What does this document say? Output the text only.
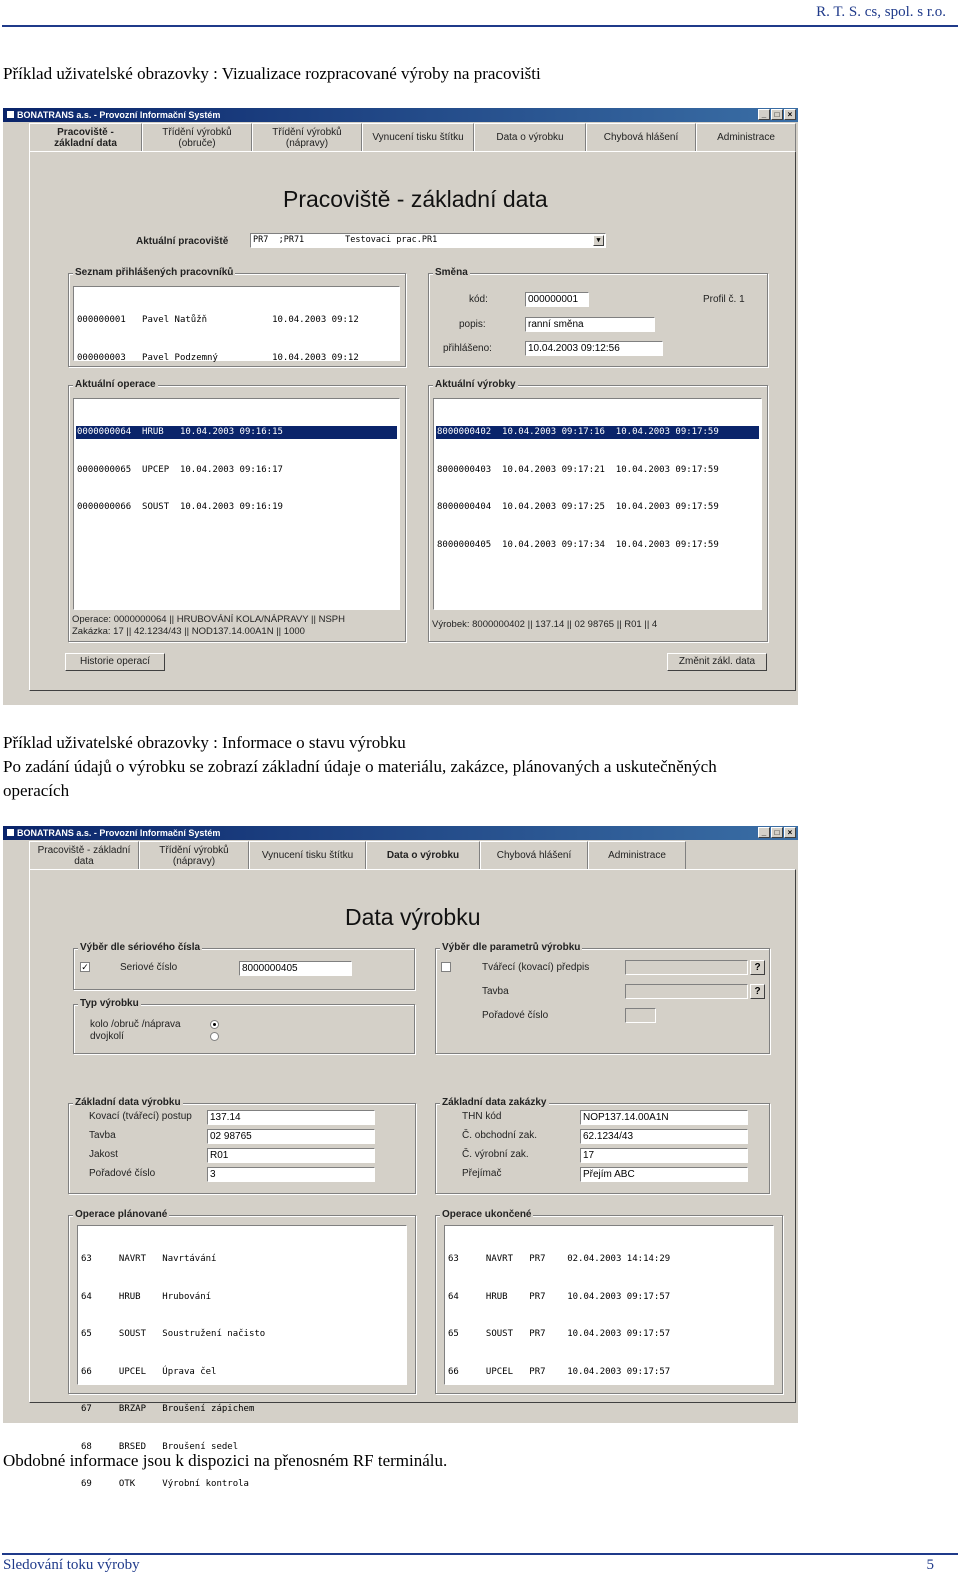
R. T. S. cs, spol. s r.o.
Příklad uživatelské obrazovky : Vizualizace rozpracované výroby na pracovišti
BONATRANS a.s. - Provozní Informační Systém	_	□	×
Pracoviště -
základní data
Třídění výrobků
(obruče)
Třídění výrobků
(nápravy)	Vynucení tisku štítku	Data o výrobku	Chybová hlášení	Administrace
Pracoviště - základní data
Aktuální pracoviště	PR7  ;PR71        Testovaci prac.PR1	▼
Seznam přihlášených pracovníků

000000001   Pavel Natůžň            10.04.2003 09:12

000000003   Pavel Podzemný          10.04.2003 09:12

Směna
kód:	000000001	Profil č. 1
popis:	ranní směna
přihlášeno:	10.04.2003 09:12:56
Aktuální operace

0000000064  HRUB   10.04.2003 09:16:15

0000000065  UPCEP  10.04.2003 09:16:17

0000000066  SOUST  10.04.2003 09:16:19

Operace: 0000000064 || HRUBOVÁNÍ KOLA/NÁPRAVY || NSPH
Zakázka: 17 || 42.1234/43 || NOD137.14.00A1N || 1000
Aktuální výrobky

8000000402  10.04.2003 09:17:16  10.04.2003 09:17:59

8000000403  10.04.2003 09:17:21  10.04.2003 09:17:59

8000000404  10.04.2003 09:17:25  10.04.2003 09:17:59

8000000405  10.04.2003 09:17:34  10.04.2003 09:17:59

Výrobek: 8000000402 || 137.14 || 02 98765 || R01 || 4
Historie operací	Změnit zákl. data
Příklad uživatelské obrazovky : Informace o stavu výrobku
Po zadání údajů o výrobku se zobrazí základní údaje o materiálu, zakázce, plánovaných a uskutečněných
operacích
BONATRANS a.s. - Provozní Informační Systém	_	□	×
Pracoviště - základní
data
Třídění výrobků
(nápravy)	Vynucení tisku štítku	Data o výrobku	Chybová hlášení	Administrace
Data výrobku
Výběr dle sériového čísla
✓	Seriové číslo	8000000405
Typ výrobku
kolo /obruč /náprava
dvojkolí
Výběr dle parametrů výrobku
Tvářecí (kovací) předpis	?
Tavba	?
Pořadové číslo
Základní data výrobku
Kovací (tvářecí) postup	137.14
Tavba	02 98765
Jakost	R01
Pořadové číslo	3
Základní data zakázky
THN kód	NOP137.14.00A1N
Č. obchodní zak.	62.1234/43
Č. výrobní zak.	17
Přejímač	Přejím ABC
Operace plánované

63     NAVRT   Navrtávání

64     HRUB    Hrubování

65     SOUST   Soustružení načisto

66     UPCEL   Úprava čel

67     BRZAP   Broušení zápichem

68     BRSED   Broušení sedel

69     OTK     Výrobní kontrola

Operace ukončené

63     NAVRT   PR7    02.04.2003 14:14:29

64     HRUB    PR7    10.04.2003 09:17:57

65     SOUST   PR7    10.04.2003 09:17:57

66     UPCEL   PR7    10.04.2003 09:17:57

Obdobné informace jsou k dispozici na přenosném RF terminálu.
Sledování toku výroby	5
